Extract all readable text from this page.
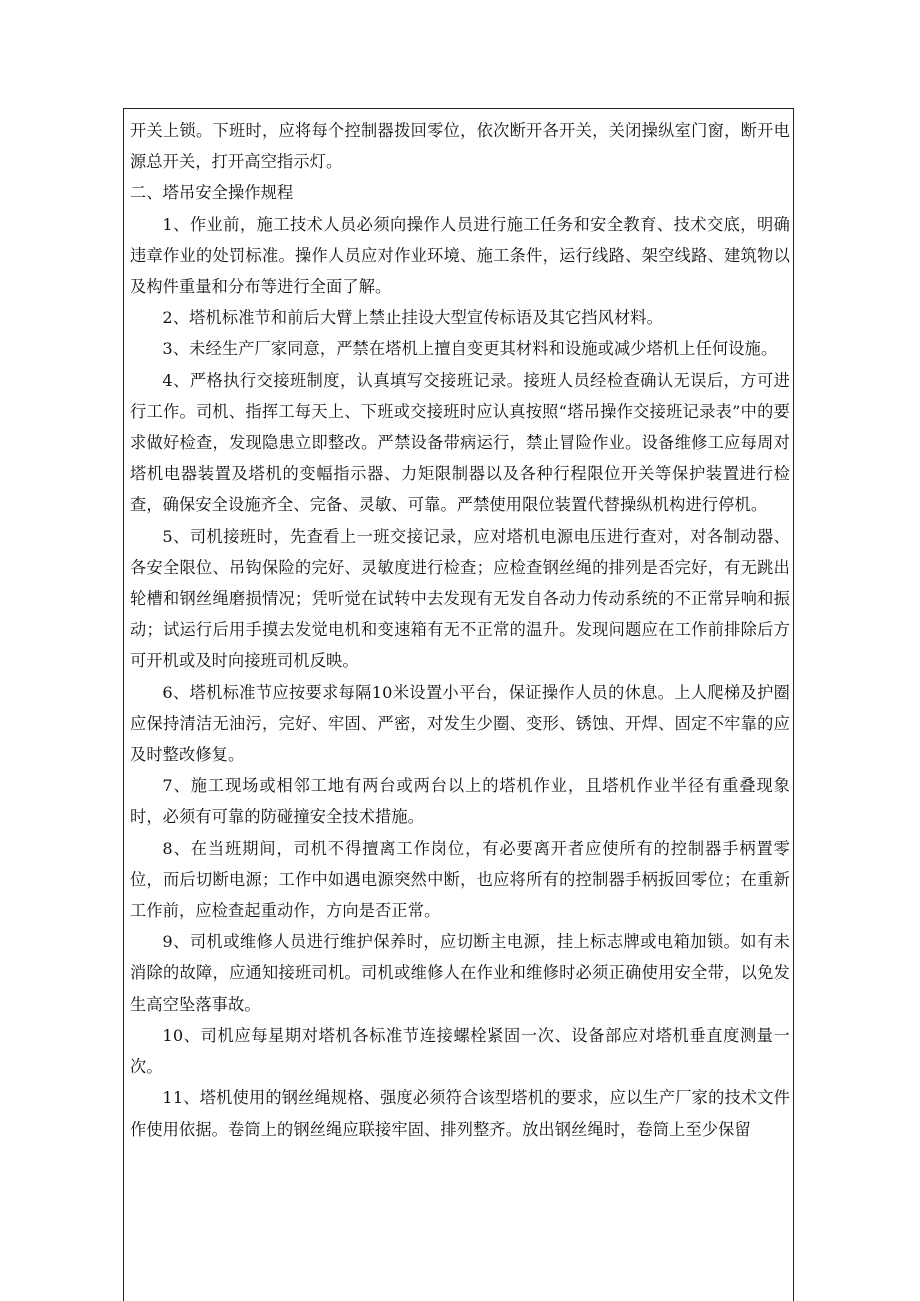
开关上锁。下班时，应将每个控制器拨回零位，依次断开各开关，关闭操纵室门窗，断开电源总开关，打开高空指示灯。

二、塔吊安全操作规程

1、作业前，施工技术人员必须向操作人员进行施工任务和安全教育、技术交底，明确违章作业的处罚标准。操作人员应对作业环境、施工条件，运行线路、架空线路、建筑物以及构件重量和分布等进行全面了解。

2、塔机标准节和前后大臂上禁止挂设大型宣传标语及其它挡风材料。

3、未经生产厂家同意，严禁在塔机上擅自变更其材料和设施或减少塔机上任何设施。

4、严格执行交接班制度，认真填写交接班记录。接班人员经检查确认无误后，方可进行工作。司机、指挥工每天上、下班或交接班时应认真按照“塔吊操作交接班记录表”中的要求做好检查，发现隐患立即整改。严禁设备带病运行，禁止冒险作业。设备维修工应每周对塔机电器装置及塔机的变幅指示器、力矩限制器以及各种行程限位开关等保护装置进行检查，确保安全设施齐全、完备、灵敏、可靠。严禁使用限位装置代替操纵机构进行停机。

5、司机接班时，先查看上一班交接记录，应对塔机电源电压进行查对，对各制动器、各安全限位、吊钩保险的完好、灵敏度进行检查；应检查钢丝绳的排列是否完好，有无跳出轮槽和钢丝绳磨损情况；凭听觉在试转中去发现有无发自各动力传动系统的不正常异响和振动；试运行后用手摸去发觉电机和变速箱有无不正常的温升。发现问题应在工作前排除后方可开机或及时向接班司机反映。

6、塔机标准节应按要求每隔10米设置小平台，保证操作人员的休息。上人爬梯及护圈应保持清洁无油污，完好、牢固、严密，对发生少圈、变形、锈蚀、开焊、固定不牢靠的应及时整改修复。

7、施工现场或相邻工地有两台或两台以上的塔机作业，且塔机作业半径有重叠现象时，必须有可靠的防碰撞安全技术措施。

8、在当班期间，司机不得擅离工作岗位，有必要离开者应使所有的控制器手柄置零位，而后切断电源；工作中如遇电源突然中断，也应将所有的控制器手柄扳回零位；在重新工作前，应检查起重动作，方向是否正常。

9、司机或维修人员进行维护保养时，应切断主电源，挂上标志牌或电箱加锁。如有未消除的故障，应通知接班司机。司机或维修人在作业和维修时必须正确使用安全带，以免发生高空坠落事故。

10、司机应每星期对塔机各标准节连接螺栓紧固一次、设备部应对塔机垂直度测量一次。

11、塔机使用的钢丝绳规格、强度必须符合该型塔机的要求，应以生产厂家的技术文件作使用依据。卷筒上的钢丝绳应联接牢固、排列整齐。放出钢丝绳时，卷筒上至少保留
